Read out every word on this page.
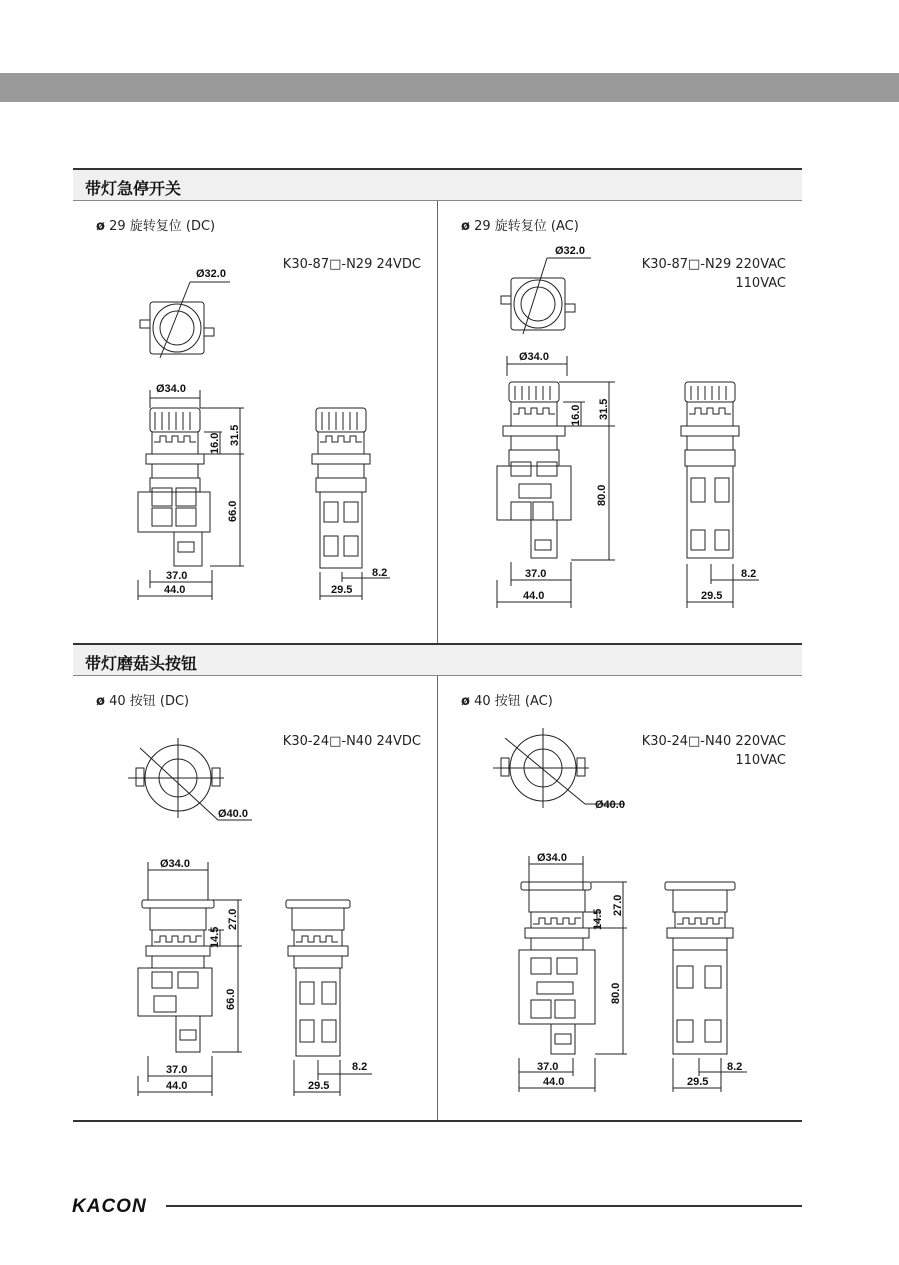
带灯急停开关
带灯磨菇头按钮
ø 29 旋转复位 (DC)	ø 29 旋转复位 (AC)
ø 40 按钮 (DC)	ø 40 按钮 (AC)
K30-87□-N29 24VDC	K30-87□-N29 220VAC
110VAC
K30-24□-N40 24VDC	K30-24□-N40 220VAC
110VAC
Ø32.0
Ø34.0
16.0 31.5
66.0
37.0
44.0	29.5
8.2
Ø32.0
Ø34.0
16.0 31.5
80.0
37.0
44.0	29.5
8.2
Ø40.0
Ø34.0
14.5
27.0
66.0
37.0
44.0	29.5
8.2
Ø40.0
Ø34.0
14.5
27.0
80.0
37.0
44.0	29.5
8.2
KACON
